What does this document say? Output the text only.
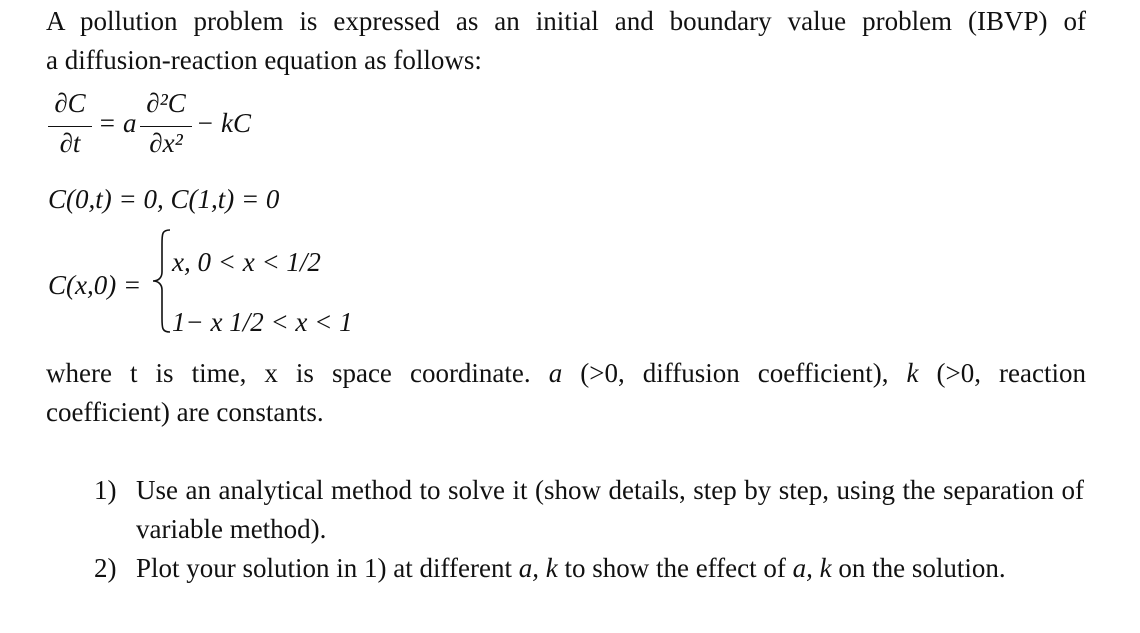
A pollution problem is expressed as an initial and boundary value problem (IBVP) of
a diffusion-reaction equation as follows:
∂C
∂t
= a
∂²C
∂x²
− kC
C(0,t) = 0, C(1,t) = 0
C(x,0) =
x, 0 < x < 1/2
1− x 1/2 < x < 1
where t is time, x is space coordinate. a (>0, diffusion coefficient), k (>0, reaction
coefficient) are constants.
1) Use an analytical method to solve it (show details, step by step, using the separation of variable method).
2) Plot your solution in 1) at different a, k to show the effect of a, k on the solution.
